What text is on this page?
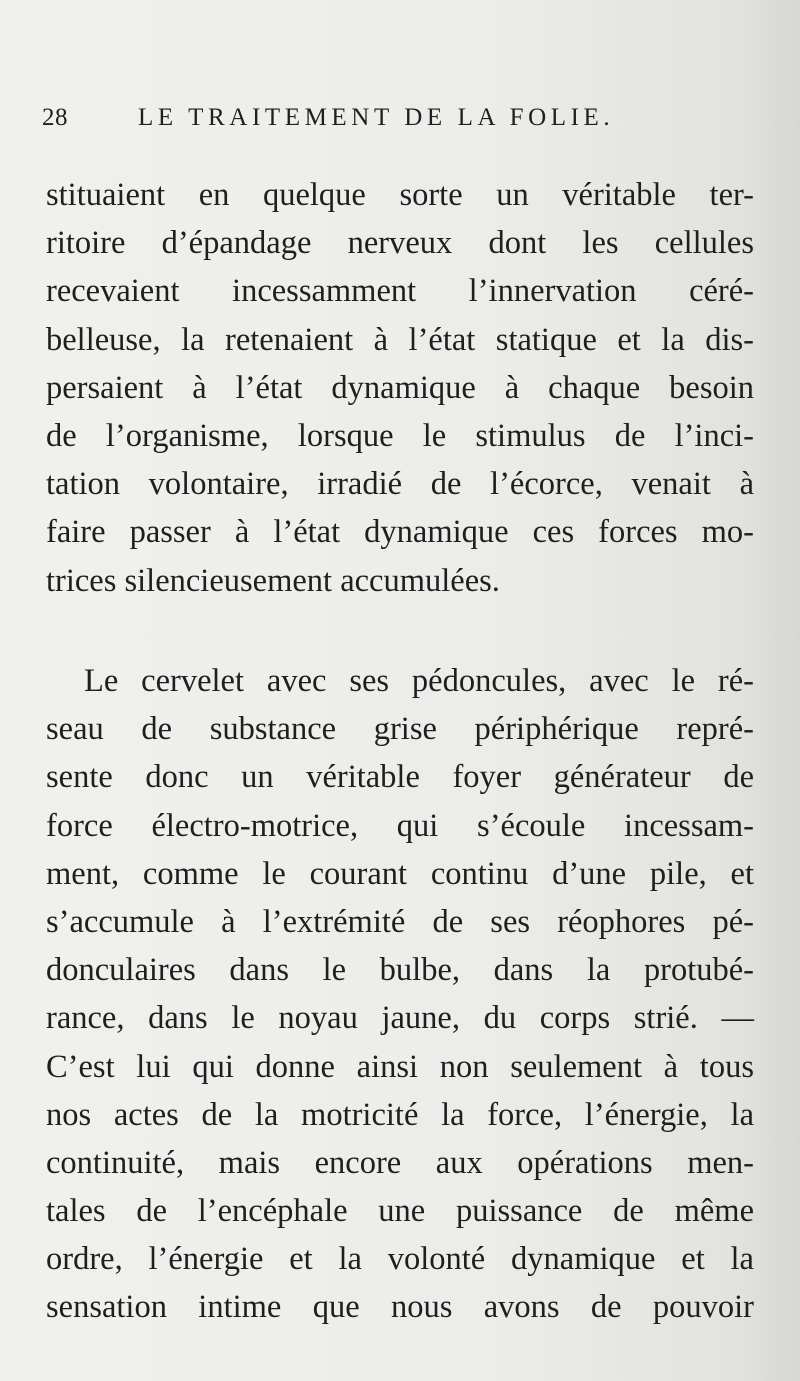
28	LE TRAITEMENT DE LA FOLIE.
stituaient en quelque sorte un véritable ter-
ritoire d’épandage nerveux dont les cellules
recevaient incessamment l’innervation céré-
belleuse, la retenaient à l’état statique et la dis-
persaient à l’état dynamique à chaque besoin
de l’organisme, lorsque le stimulus de l’inci-
tation volontaire, irradié de l’écorce, venait à
faire passer à l’état dynamique ces forces mo-
trices silencieusement accumulées.
Le cervelet avec ses pédoncules, avec le ré-
seau de substance grise périphérique repré-
sente donc un véritable foyer générateur de
force électro-motrice, qui s’écoule incessam-
ment, comme le courant continu d’une pile, et
s’accumule à l’extrémité de ses réophores pé-
donculaires dans le bulbe, dans la protubé-
rance, dans le noyau jaune, du corps strié. —
C’est lui qui donne ainsi non seulement à tous
nos actes de la motricité la force, l’énergie, la
continuité, mais encore aux opérations men-
tales de l’encéphale une puissance de même
ordre, l’énergie et la volonté dynamique et la
sensation intime que nous avons de pouvoir
